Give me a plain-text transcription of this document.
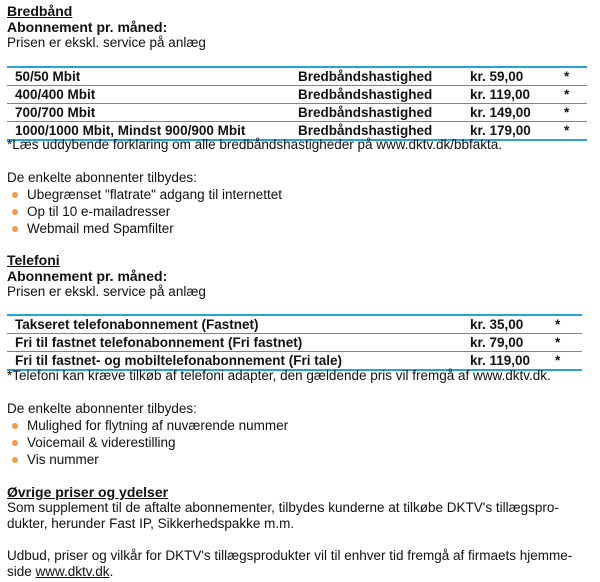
Bredbånd
Abonnement pr. måned:
Prisen er ekskl. service på anlæg
50/50 Mbit	Bredbåndshastighed	kr. 59,00	*
400/400 Mbit	Bredbåndshastighed	kr. 119,00	*
700/700 Mbit	Bredbåndshastighed	kr. 149,00 *
1000/1000 Mbit, Mindst 900/900 Mbit	Bredbåndshastighed	kr. 179,00 *
*Læs uddybende forklaring om alle bredbåndshastigheder på www.dktv.dk/bbfakta.
De enkelte abonnenter tilbydes:
Ubegrænset "flatrate" adgang til internettet
Op til 10 e-mailadresser
Webmail med Spamfilter
Telefoni
Abonnement pr. måned:
Prisen er ekskl. service på anlæg
Takseret telefonabonnement (Fastnet)	kr. 35,00 *
Fri til fastnet telefonabonnement (Fri fastnet)	kr. 79,00 *
Fri til fastnet- og mobiltelefonabonnement (Fri tale)	kr. 119,00 *
*Telefoni kan kræve tilkøb af telefoni adapter, den gældende pris vil fremgå af www.dktv.dk.
De enkelte abonnenter tilbydes:
Mulighed for flytning af nuværende nummer
Voicemail & viderestilling
Vis nummer
Øvrige priser og ydelser
Som supplement til de aftalte abonnementer, tilbydes kunderne at tilkøbe DKTV's tillægspro-
dukter, herunder Fast IP, Sikkerhedspakke m.m.
Udbud, priser og vilkår for DKTV's tillægsprodukter vil til enhver tid fremgå af firmaets hjemme-
side www.dktv.dk.
